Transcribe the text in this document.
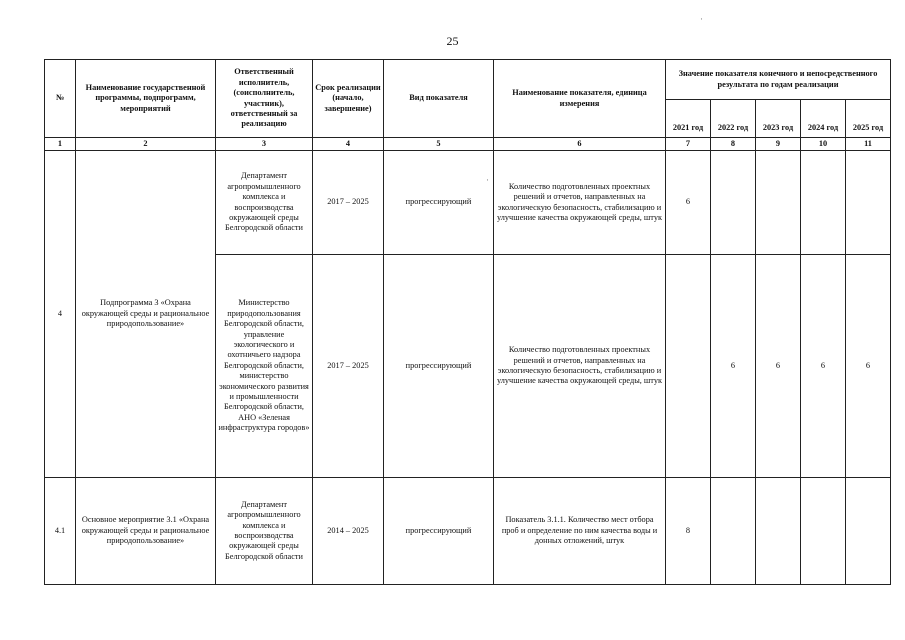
25
·
·
№	Наименование государственной программы, подпрограмм, мероприятий	Ответственный исполнитель, (соисполнитель, участник), ответственный за реализацию	Срок реализации (начало, завершение)	Вид показателя	Наименование показателя, единица измерения	Значение показателя конечного и непосредственного результата по годам реализации				
						2021 год	2022 год	2023 год	2024 год	2025 год
1	2	3	4	5	6	7	8	9	10	11
4	Подпрограмма 3 «Охрана окружающей среды и рациональное природопользование»	Департамент агропромышленного комплекса и воспроизводства окружающей среды Белгородской области	2017 – 2025	прогрессирующий	Количество подготовленных проектных решений и отчетов, направленных на экологическую безопасность, стабилизацию и улучшение качества окружающей среды, штук	6				
		Министерство природопользования Белгородской области, управление экологического и охотничьего надзора Белгородской области, министерство экономического развития и промышленности Белгородской области, АНО «Зеленая инфраструктура городов»	2017 – 2025	прогрессирующий	Количество подготовленных проектных решений и отчетов, направленных на экологическую безопасность, стабилизацию и улучшение качества окружающей среды, штук		6	6	6	6
4.1	Основное мероприятие 3.1 «Охрана окружающей среды и рациональное природопользование»	Департамент агропромышленного комплекса и воспроизводства окружающей среды Белгородской области	2014 – 2025	прогрессирующий	Показатель 3.1.1. Количество мест отбора проб и определение по ним качества воды и донных отложений, штук	8				
